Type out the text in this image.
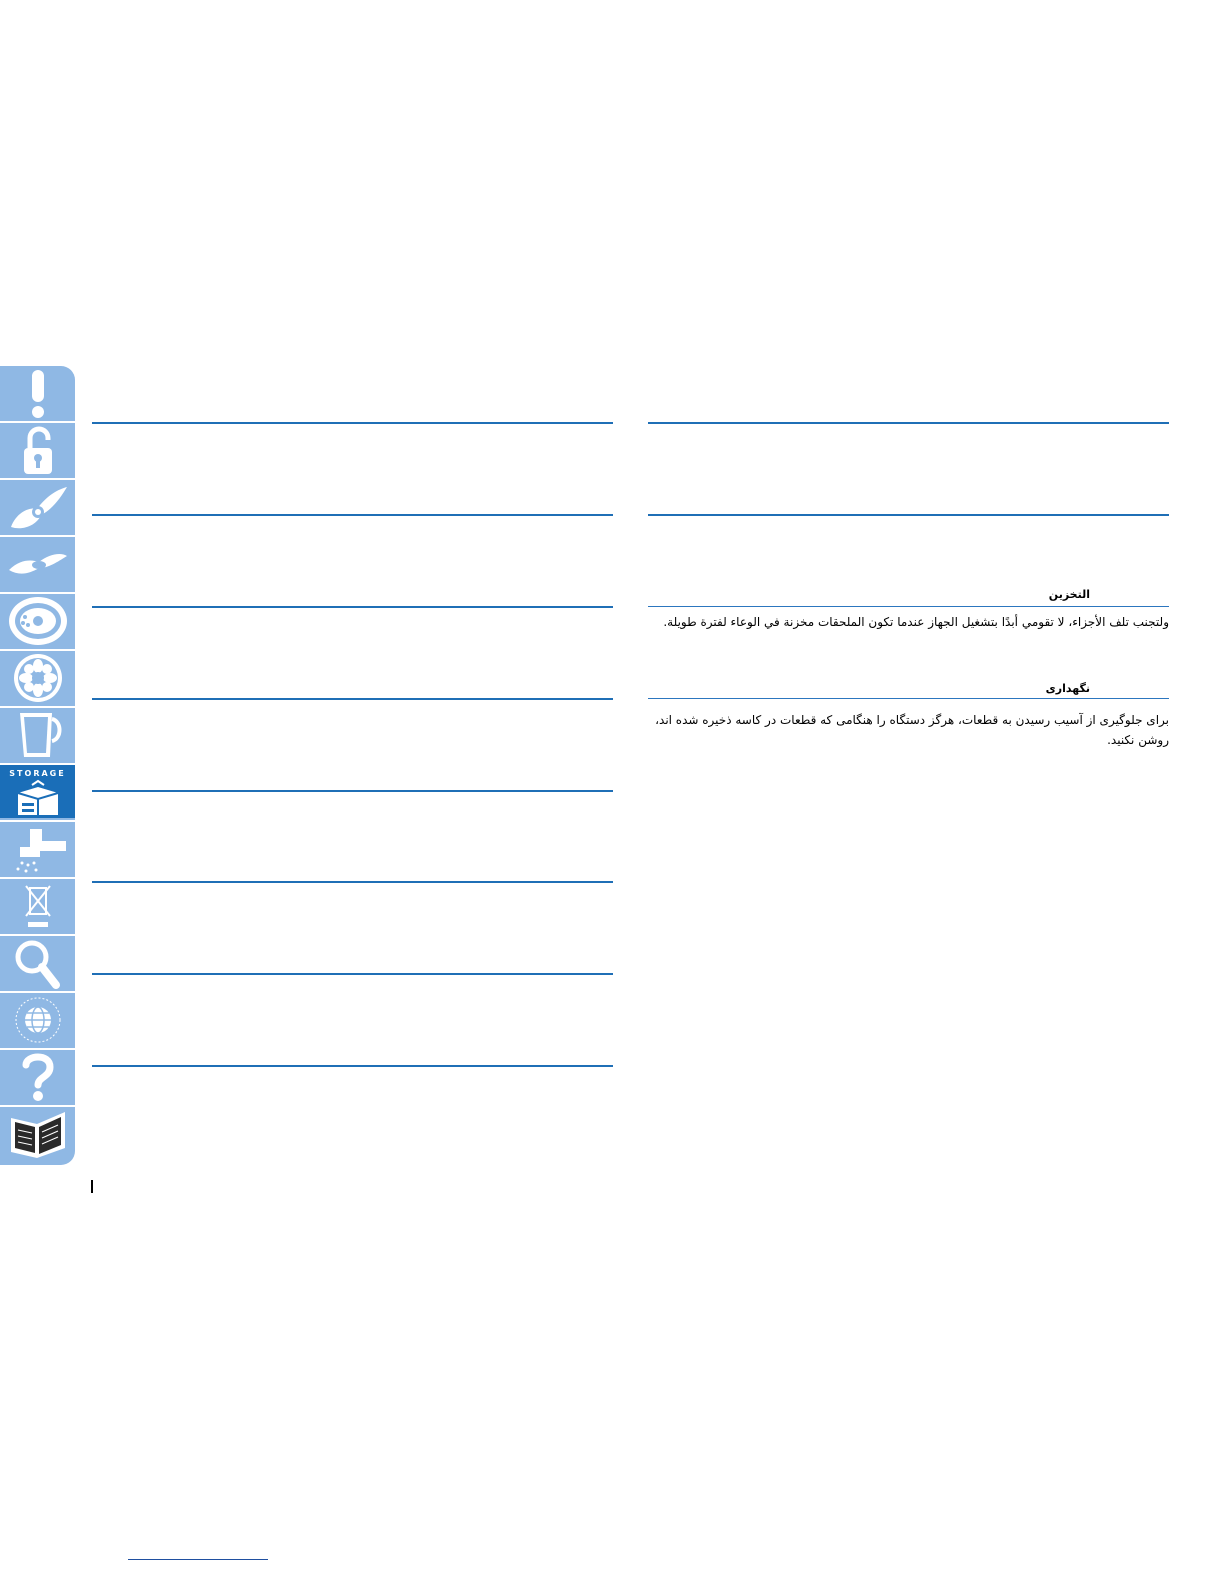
STORAGE
التخزين
ولتجنب تلف الأجزاء، لا تقومي أبدًا بتشغيل الجهاز عندما تكون الملحقات مخزنة في الوعاء لفترة طويلة.
نگهداری
برای جلوگیری از آسیب رسیدن به قطعات، هرگز دستگاه را هنگامی که قطعات در کاسه ذخیره شده اند، روشن نکنید.
